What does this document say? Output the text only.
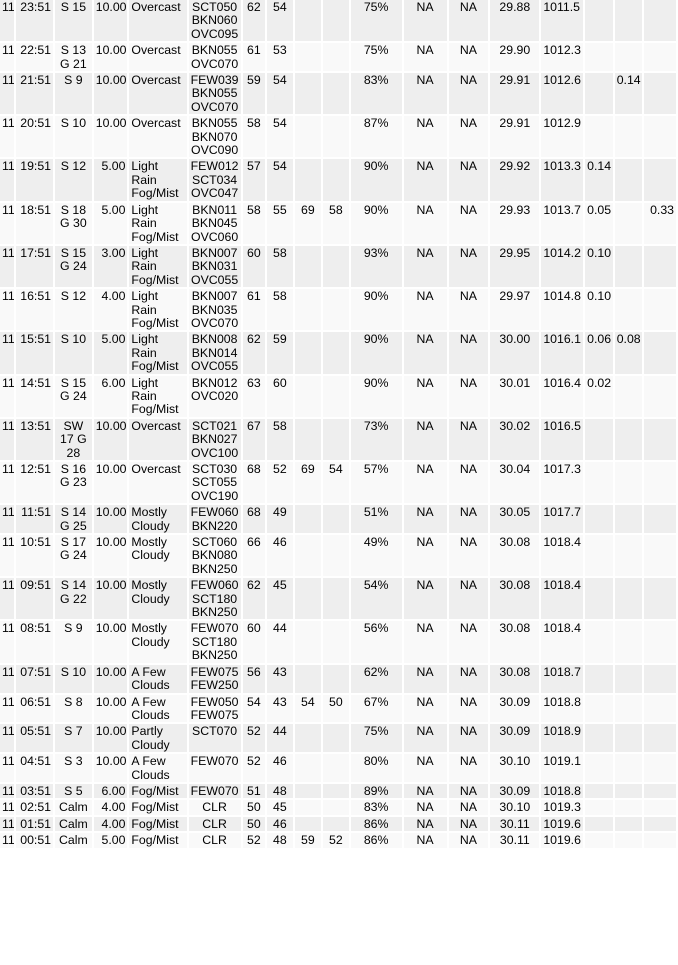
11	23:51	S 15	10.00	Overcast	SCT050 BKN060 OVC095	62	54			75%	NA	NA	29.88	1011.5			
11	22:51	S 13 G 21	10.00	Overcast	BKN055 OVC070	61	53			75%	NA	NA	29.90	1012.3			
11	21:51	S 9	10.00	Overcast	FEW039 BKN055 OVC070	59	54			83%	NA	NA	29.91	1012.6		0.14	
11	20:51	S 10	10.00	Overcast	BKN055 BKN070 OVC090	58	54			87%	NA	NA	29.91	1012.9			
11	19:51	S 12	5.00	Light Rain Fog/Mist	FEW012 SCT034 OVC047	57	54			90%	NA	NA	29.92	1013.3	0.14		
11	18:51	S 18 G 30	5.00	Light Rain Fog/Mist	BKN011 BKN045 OVC060	58	55	69	58	90%	NA	NA	29.93	1013.7	0.05		0.33
11	17:51	S 15 G 24	3.00	Light Rain Fog/Mist	BKN007 BKN031 OVC055	60	58			93%	NA	NA	29.95	1014.2	0.10		
11	16:51	S 12	4.00	Light Rain Fog/Mist	BKN007 BKN035 OVC070	61	58			90%	NA	NA	29.97	1014.8	0.10		
11	15:51	S 10	5.00	Light Rain Fog/Mist	BKN008 BKN014 OVC055	62	59			90%	NA	NA	30.00	1016.1	0.06	0.08	
11	14:51	S 15 G 24	6.00	Light Rain Fog/Mist	BKN012 OVC020	63	60			90%	NA	NA	30.01	1016.4	0.02		
11	13:51	SW 17 G 28	10.00	Overcast	SCT021 BKN027 OVC100	67	58			73%	NA	NA	30.02	1016.5			
11	12:51	S 16 G 23	10.00	Overcast	SCT030 SCT055 OVC190	68	52	69	54	57%	NA	NA	30.04	1017.3			
11	11:51	S 14 G 25	10.00	Mostly Cloudy	FEW060 BKN220	68	49			51%	NA	NA	30.05	1017.7			
11	10:51	S 17 G 24	10.00	Mostly Cloudy	SCT060 BKN080 BKN250	66	46			49%	NA	NA	30.08	1018.4			
11	09:51	S 14 G 22	10.00	Mostly Cloudy	FEW060 SCT180 BKN250	62	45			54%	NA	NA	30.08	1018.4			
11	08:51	S 9	10.00	Mostly Cloudy	FEW070 SCT180 BKN250	60	44			56%	NA	NA	30.08	1018.4			
11	07:51	S 10	10.00	A Few Clouds	FEW075 FEW250	56	43			62%	NA	NA	30.08	1018.7			
11	06:51	S 8	10.00	A Few Clouds	FEW050 FEW075	54	43	54	50	67%	NA	NA	30.09	1018.8			
11	05:51	S 7	10.00	Partly Cloudy	SCT070	52	44			75%	NA	NA	30.09	1018.9			
11	04:51	S 3	10.00	A Few Clouds	FEW070	52	46			80%	NA	NA	30.10	1019.1			
11	03:51	S 5	6.00	Fog/Mist	FEW070	51	48			89%	NA	NA	30.09	1018.8			
11	02:51	Calm	4.00	Fog/Mist	CLR	50	45			83%	NA	NA	30.10	1019.3			
11	01:51	Calm	4.00	Fog/Mist	CLR	50	46			86%	NA	NA	30.11	1019.6			
11	00:51	Calm	5.00	Fog/Mist	CLR	52	48	59	52	86%	NA	NA	30.11	1019.6			
